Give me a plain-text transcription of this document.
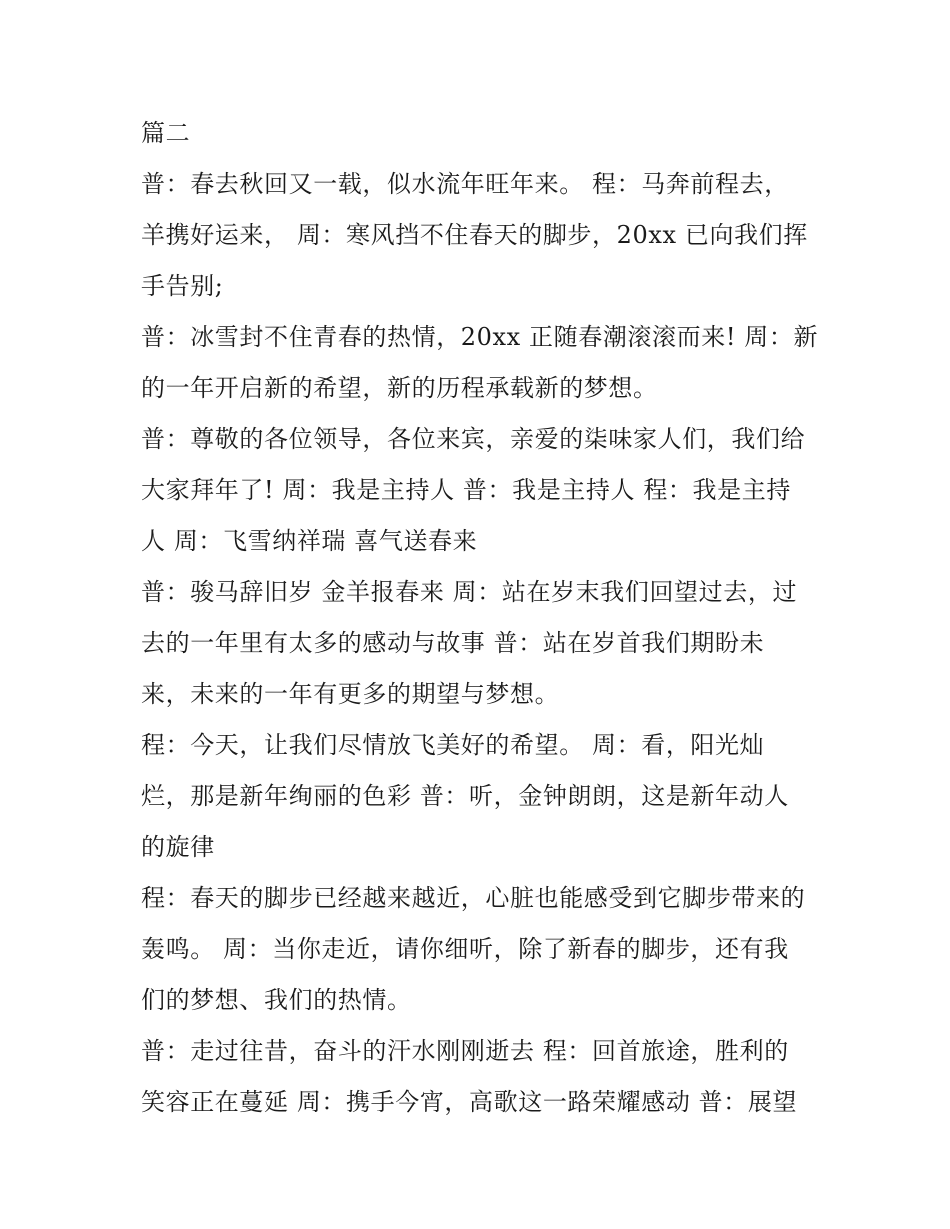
篇二
普：春去秋回又一载，似水流年旺年来。 程：马奔前程去，
羊携好运来， 周：寒风挡不住春天的脚步，20xx 已向我们挥
手告别;
普：冰雪封不住青春的热情，20xx 正随春潮滚滚而来! 周：新
的一年开启新的希望，新的历程承载新的梦想。
普：尊敬的各位领导，各位来宾，亲爱的柒味家人们，我们给
大家拜年了! 周：我是主持人 普：我是主持人 程：我是主持
人 周：飞雪纳祥瑞 喜气送春来
普：骏马辞旧岁 金羊报春来 周：站在岁末我们回望过去，过
去的一年里有太多的感动与故事 普：站在岁首我们期盼未
来，未来的一年有更多的期望与梦想。
程：今天，让我们尽情放飞美好的希望。 周：看，阳光灿
烂，那是新年绚丽的色彩 普：听，金钟朗朗，这是新年动人
的旋律
程：春天的脚步已经越来越近，心脏也能感受到它脚步带来的
轰鸣。 周：当你走近，请你细听，除了新春的脚步，还有我
们的梦想、我们的热情。
普：走过往昔，奋斗的汗水刚刚逝去 程：回首旅途，胜利的
笑容正在蔓延 周：携手今宵，高歌这一路荣耀感动 普：展望
